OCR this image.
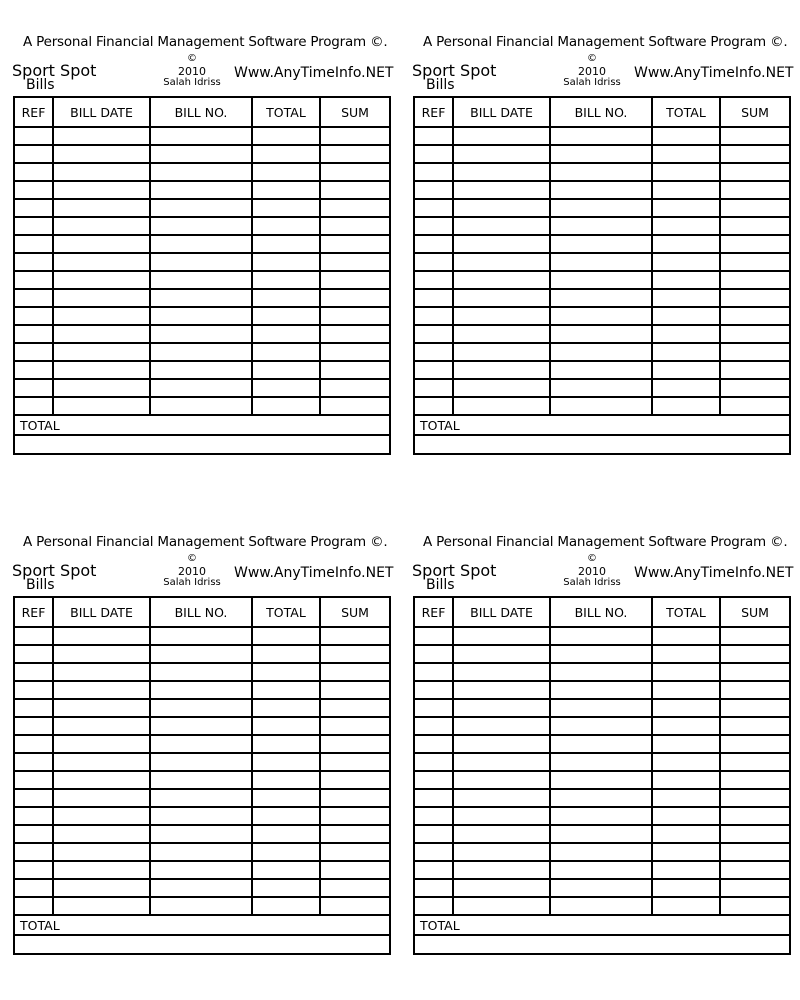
A Personal Financial Management Software Program ©.
Sport Spot
Bills
©
2010
Salah Idriss
Www.AnyTimeInfo.NET
REF	BILL DATE	BILL NO.	TOTAL	SUM

TOTAL				

A Personal Financial Management Software Program ©.
Sport Spot
Bills
©
2010
Salah Idriss
Www.AnyTimeInfo.NET
REF	BILL DATE	BILL NO.	TOTAL	SUM

TOTAL				

A Personal Financial Management Software Program ©.
Sport Spot
Bills
©
2010
Salah Idriss
Www.AnyTimeInfo.NET
REF	BILL DATE	BILL NO.	TOTAL	SUM

TOTAL				

A Personal Financial Management Software Program ©.
Sport Spot
Bills
©
2010
Salah Idriss
Www.AnyTimeInfo.NET
REF	BILL DATE	BILL NO.	TOTAL	SUM

TOTAL				
